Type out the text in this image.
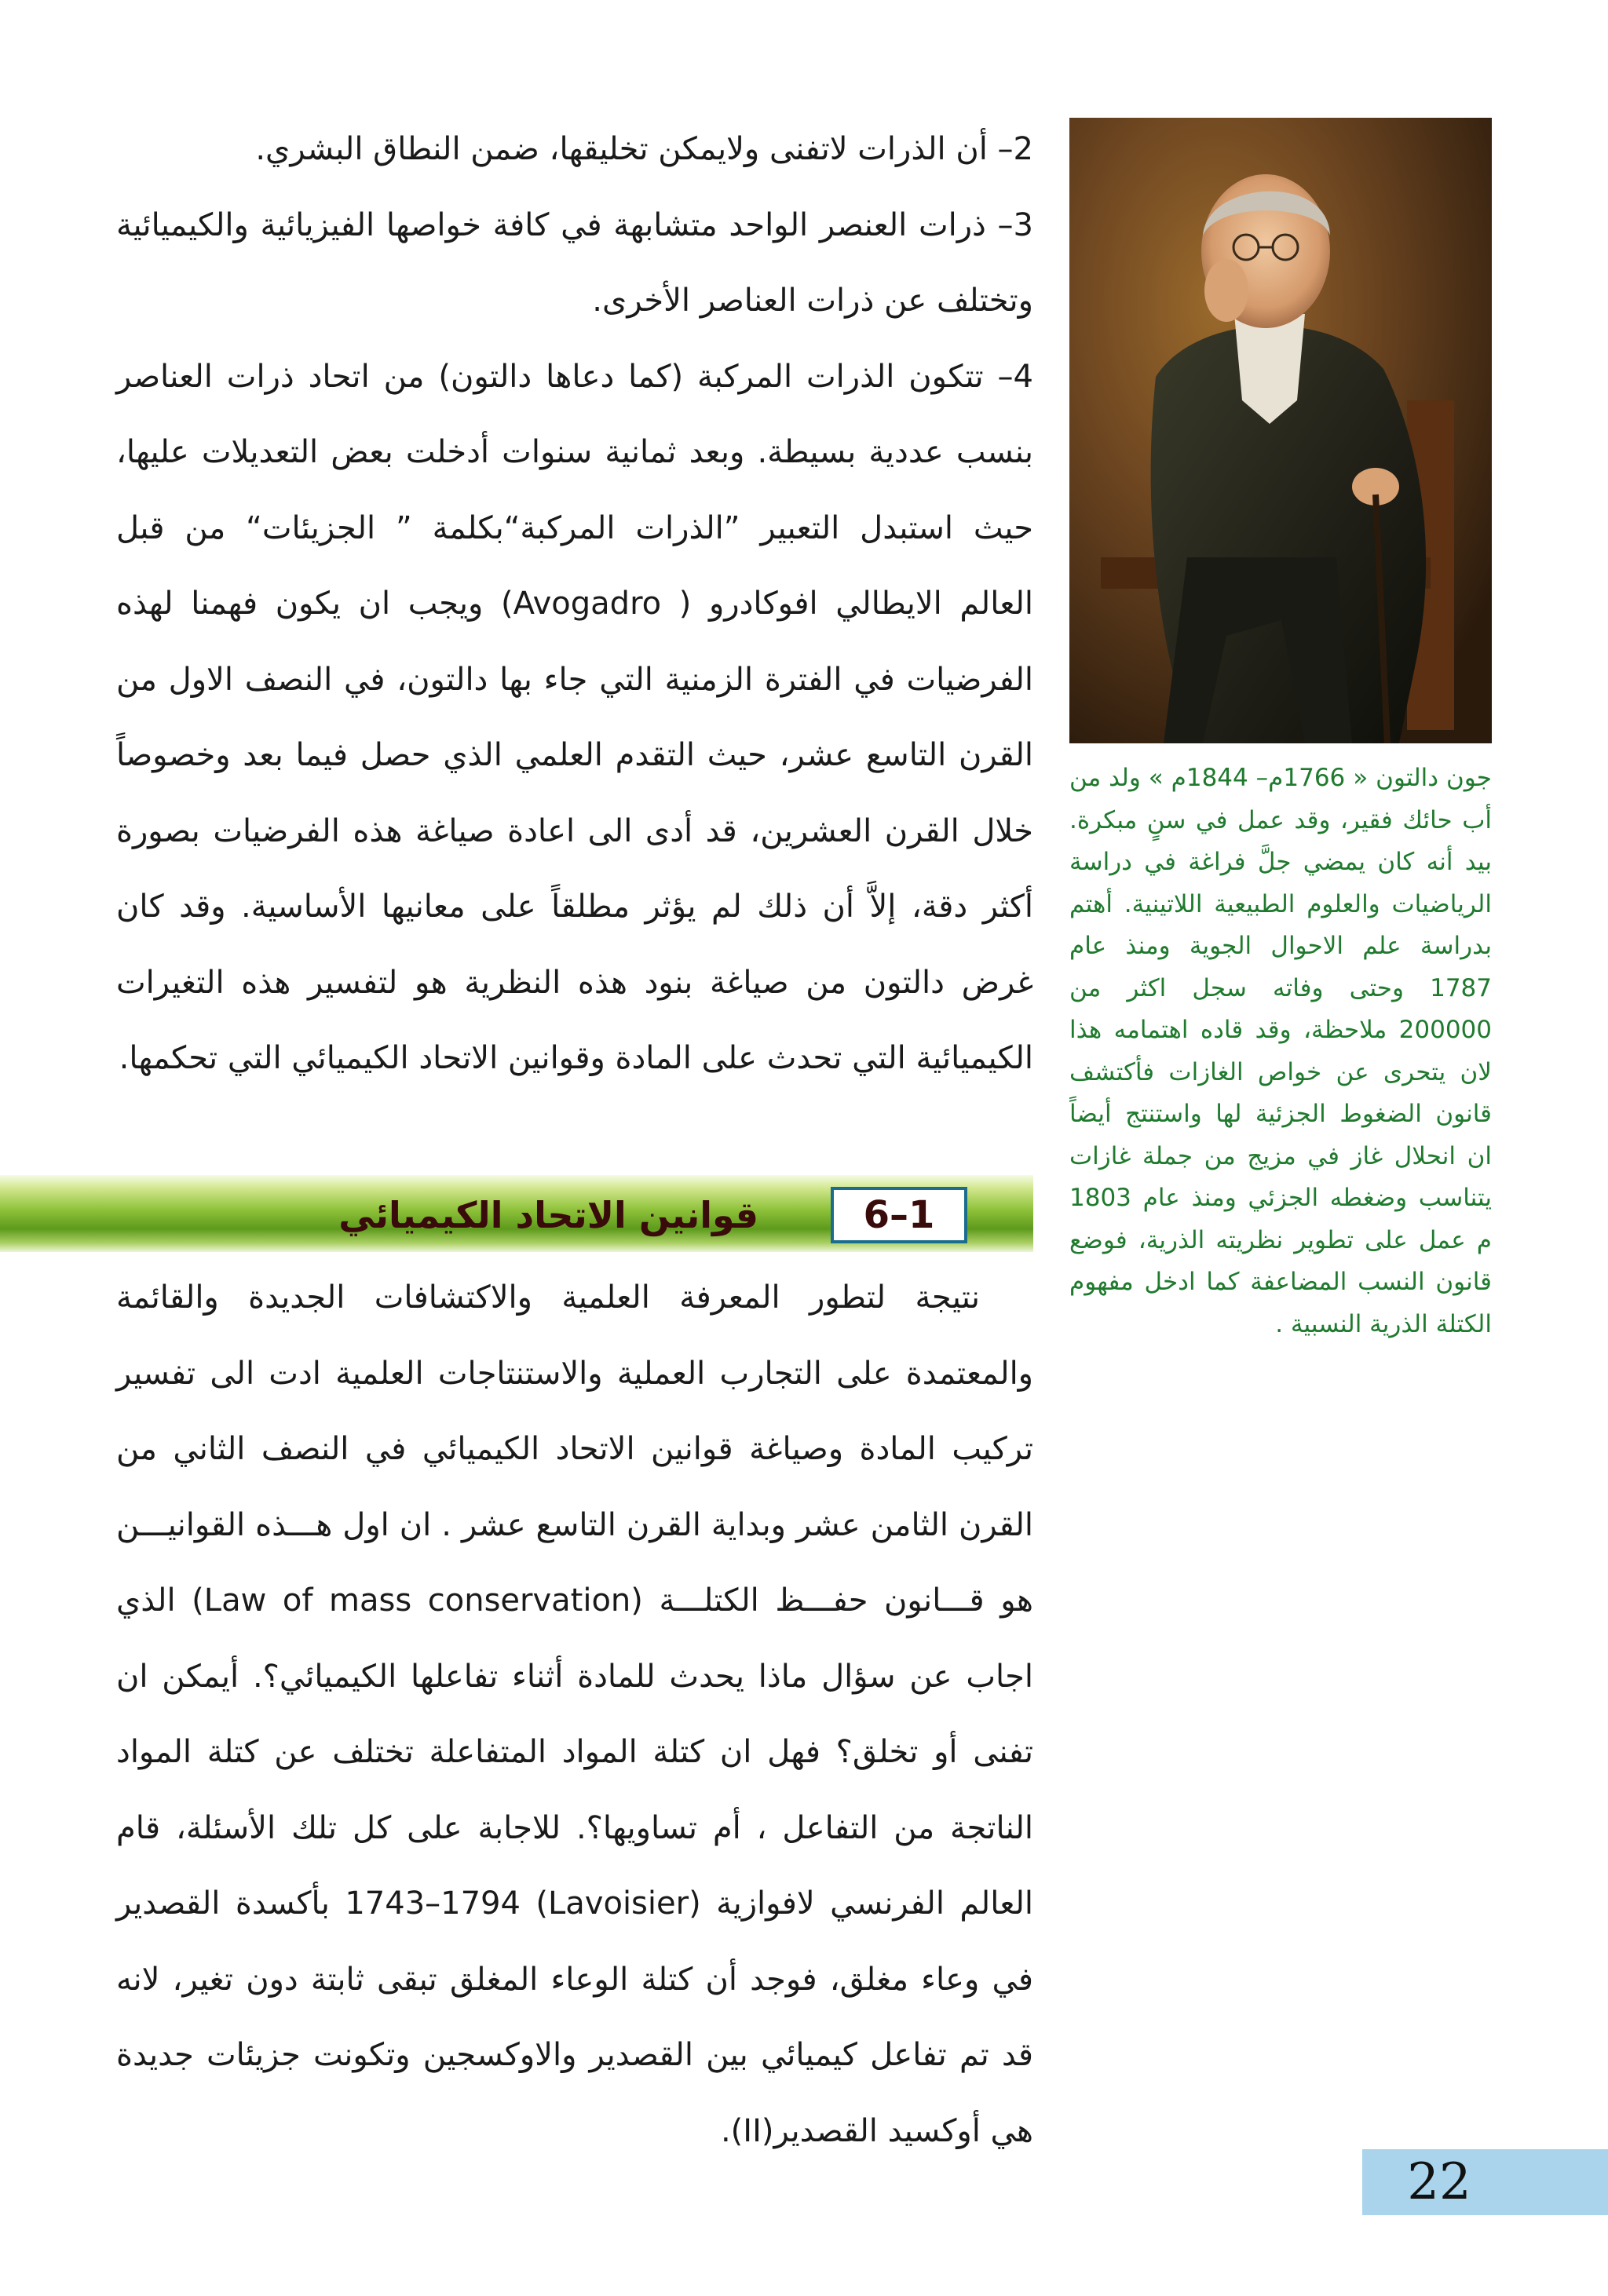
2– أن الذرات لاتفنى ولايمكن تخليقها، ضمن النطاق البشري.

3– ذرات العنصر الواحد متشابهة في كافة خواصها الفيزيائية والكيميائية وتختلف عن ذرات العناصر الأخرى.

4– تتكون الذرات المركبة (كما دعاها دالتون) من اتحاد ذرات العناصر بنسب عددية بسيطة. وبعد ثمانية سنوات أدخلت بعض التعديلات عليها، حيث استبدل التعبير ”الذرات المركبة“بكلمة ” الجزيئات“ من قبل العالم الايطالي افوكادرو ( Avogadro) ويجب ان يكون فهمنا لهذه الفرضيات في الفترة الزمنية التي جاء بها دالتون، في النصف الاول من القرن التاسع عشر، حيث التقدم العلمي الذي حصل فيما بعد وخصوصاً خلال القرن العشرين، قد أدى الى اعادة صياغة هذه الفرضيات بصورة أكثر دقة، إلاَّ أن ذلك لم يؤثر مطلقاً على معانيها الأساسية. وقد كان غرض دالتون من صياغة بنود هذه النظرية هو لتفسير هذه التغيرات الكيميائية التي تحدث على المادة وقوانين الاتحاد الكيميائي التي تحكمها.

جون دالتون « 1766م– 1844م » ولد من أب حائك فقير، وقد عمل في سنٍ مبكرة. بيد أنه كان يمضي جلَّ فراغة في دراسة الرياضيات والعلوم الطبيعية اللاتينية. أهتم بدراسة علم الاحوال الجوية ومنذ عام 1787 وحتى وفاته سجل اكثر من 200000 ملاحظة، وقد قاده اهتمامه هذا لان يتحرى عن خواص الغازات فأكتشف قانون الضغوط الجزئية لها واستنتج أيضاً ان انحلال غاز في مزيج من جملة غازات يتناسب وضغطه الجزئي ومنذ عام 1803 م عمل على تطوير نظريته الذرية، فوضع قانون النسب المضاعفة كما ادخل مفهوم الكتلة الذرية النسبية .

6–1
قوانين الاتحاد الكيميائي

نتيجة لتطور المعرفة العلمية والاكتشافات الجديدة والقائمة والمعتمدة على التجارب العملية والاستنتاجات العلمية ادت الى تفسير تركيب المادة وصياغة قوانين الاتحاد الكيميائي في النصف الثاني من القرن الثامن عشر وبداية القرن التاسع عشر . ان اول هـــذه القوانيـــن هو قـــانون حفـــظ الكتلـــة (Law of mass conservation) الذي اجاب عن سؤال ماذا يحدث للمادة أثناء تفاعلها الكيميائي؟. أيمكن ان تفنى أو تخلق؟ فهل ان كتلة المواد المتفاعلة تختلف عن كتلة المواد الناتجة من التفاعل ، أم تساويها؟. للاجابة على كل تلك الأسئلة، قام العالم الفرنسي لافوازية (Lavoisier) 1743–1794 بأكسدة القصدير في وعاء مغلق، فوجد أن كتلة الوعاء المغلق تبقى ثابتة دون تغير، لانه قد تم تفاعل كيميائي بين القصدير والاوكسجين وتكونت جزيئات جديدة هي أوكسيد القصدير(II).

22
